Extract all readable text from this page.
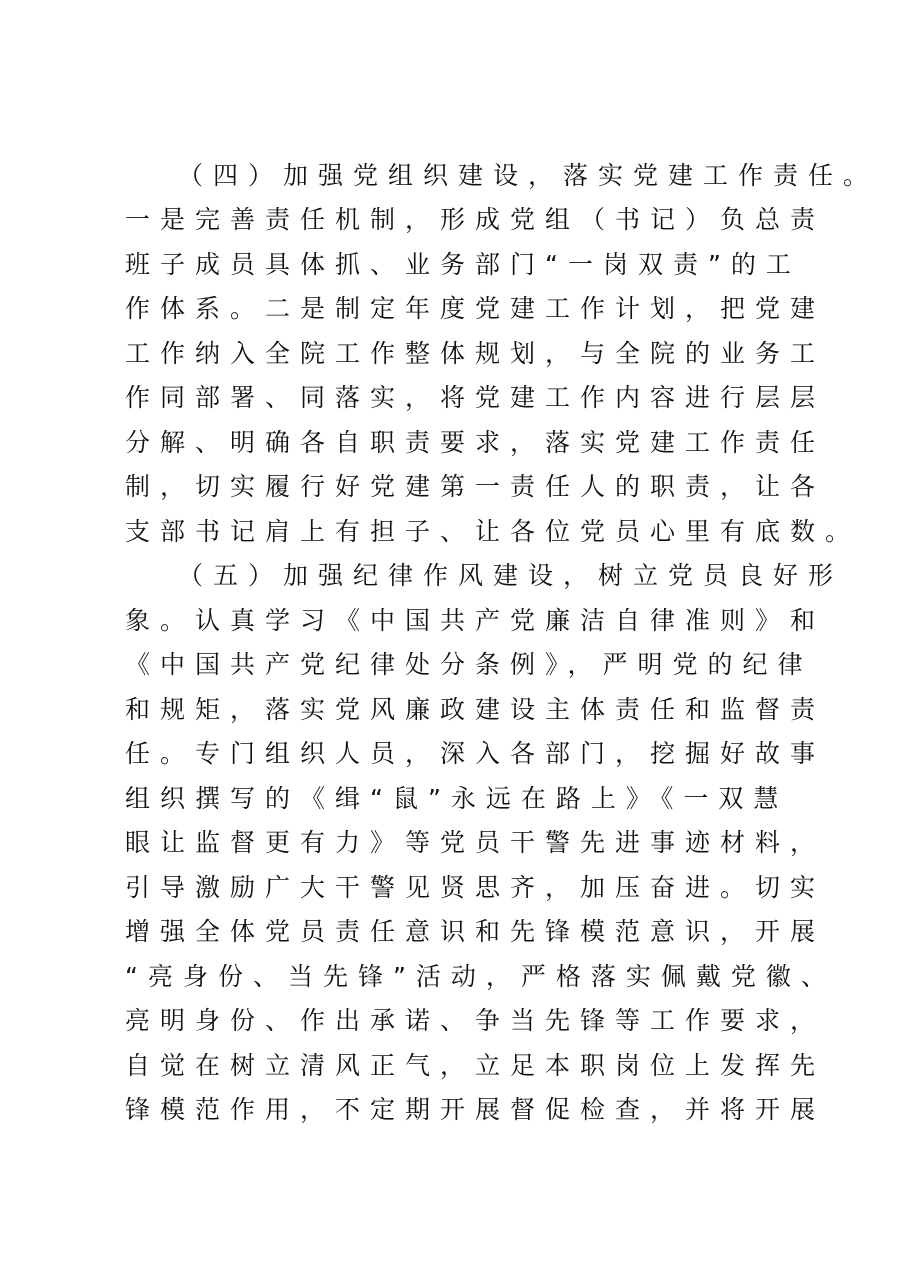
（四）加强党组织建设，落实党建工作责任。
一是完善责任机制，形成党组（书记）负总责
班子成员具体抓、业务部门“一岗双责”的工
作体系。二是制定年度党建工作计划，把党建
工作纳入全院工作整体规划，与全院的业务工
作同部署、同落实，将党建工作内容进行层层
分解、明确各自职责要求，落实党建工作责任
制，切实履行好党建第一责任人的职责，让各
支部书记肩上有担子、让各位党员心里有底数。
（五）加强纪律作风建设，树立党员良好形
象。认真学习《中国共产党廉洁自律准则》和
《中国共产党纪律处分条例》，严明党的纪律
和规矩，落实党风廉政建设主体责任和监督责
任。专门组织人员，深入各部门，挖掘好故事
组织撰写的《缉“鼠”永远在路上》《一双慧
眼让监督更有力》等党员干警先进事迹材料，
引导激励广大干警见贤思齐，加压奋进。切实
增强全体党员责任意识和先锋模范意识，开展
“亮身份、当先锋”活动，严格落实佩戴党徽、
亮明身份、作出承诺、争当先锋等工作要求，
自觉在树立清风正气，立足本职岗位上发挥先
锋模范作用，不定期开展督促检查，并将开展
